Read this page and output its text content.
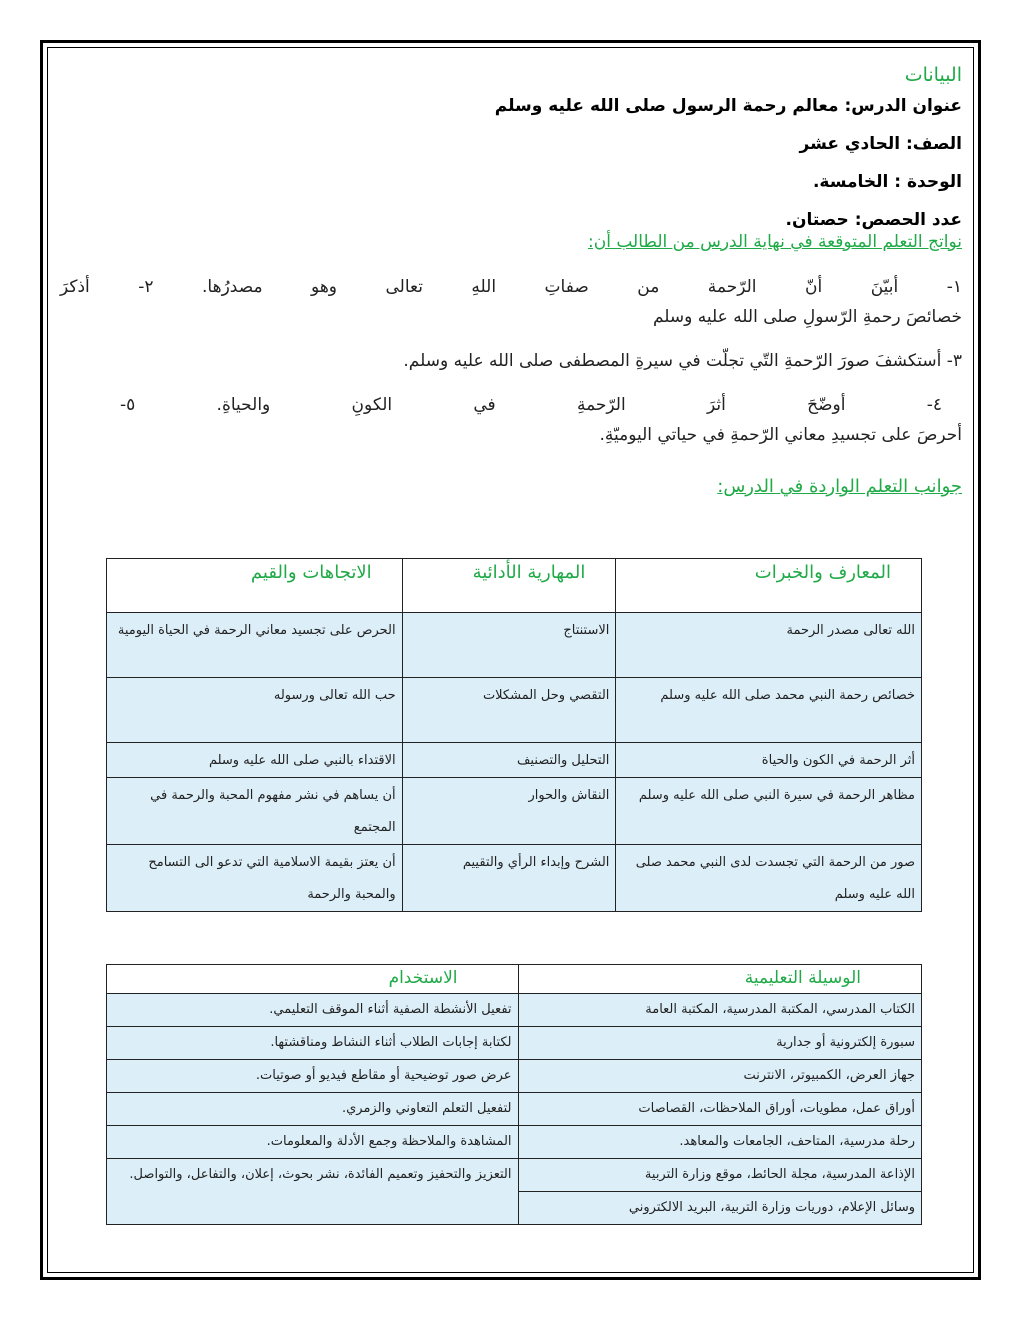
البيانات

عنوان الدرس: معالم رحمة الرسول صلى الله عليه وسلم

الصف: الحادي عشر

الوحدة : الخامسة.

عدد الحصص: حصتان.

نواتج التعلم المتوقعة في نهاية الدرس من الطالب أن:
١- أبيّنَ أنّ الرّحمة من صفاتِ اللهِ تعالى وهو مصدرُها. ٢- أذكرَ
خصائصَ رحمةِ الرّسولِ صلى الله عليه وسلم
٣- أستكشفَ صورَ الرّحمةِ التّي تجلّت في سيرةِ المصطفى صلى الله عليه وسلم.
٤- أوضّحَ أثرَ الرّحمةِ في الكونِ والحياةِ. ٥-
أحرصَ على تجسيدِ معاني الرّحمةِ في حياتي اليوميّةِ.
جوانب التعلم الواردة في الدرس:
المعارف والخبرات	المهارية الأدائية	الاتجاهات والقيم
الله تعالى مصدر الرحمة	الاستنتاج	الحرص على تجسيد معاني الرحمة في الحياة اليومية
خصائص رحمة النبي محمد صلى الله عليه وسلم	التقصي وحل المشكلات	حب الله تعالى ورسوله
أثر الرحمة في الكون والحياة	التحليل والتصنيف	الاقتداء بالنبي صلى الله عليه وسلم
مظاهر الرحمة في سيرة النبي صلى الله عليه وسلم	النقاش والحوار	أن يساهم في نشر مفهوم المحبة والرحمة في المجتمع
صور من الرحمة التي تجسدت لدى النبي محمد صلى الله عليه وسلم	الشرح وإبداء الرأي والتقييم	أن يعتز بقيمة الاسلامية التي تدعو الى التسامح والمحبة والرحمة
الوسيلة التعليمية	الاستخدام
الكتاب المدرسي، المكتبة المدرسية، المكتبة العامة	تفعيل الأنشطة الصفية أثناء الموقف التعليمي.
سبورة إلكترونية أو جدارية	لكتابة إجابات الطلاب أثناء النشاط ومناقشتها.
جهاز العرض، الكمبيوتر، الانترنت	عرض صور توضيحية أو مقاطع فيديو أو صوتيات.
أوراق عمل، مطويات، أوراق الملاحظات، القصاصات	لتفعيل التعلم التعاوني والزمري.
رحلة مدرسية، المتاحف، الجامعات والمعاهد.	المشاهدة والملاحظة وجمع الأدلة والمعلومات.
الإذاعة المدرسية، مجلة الحائط، موقع وزارة التربية	التعزيز والتحفيز وتعميم الفائدة، نشر بحوث، إعلان، والتفاعل، والتواصل.
وسائل الإعلام، دوريات وزارة التربية، البريد الالكتروني	
